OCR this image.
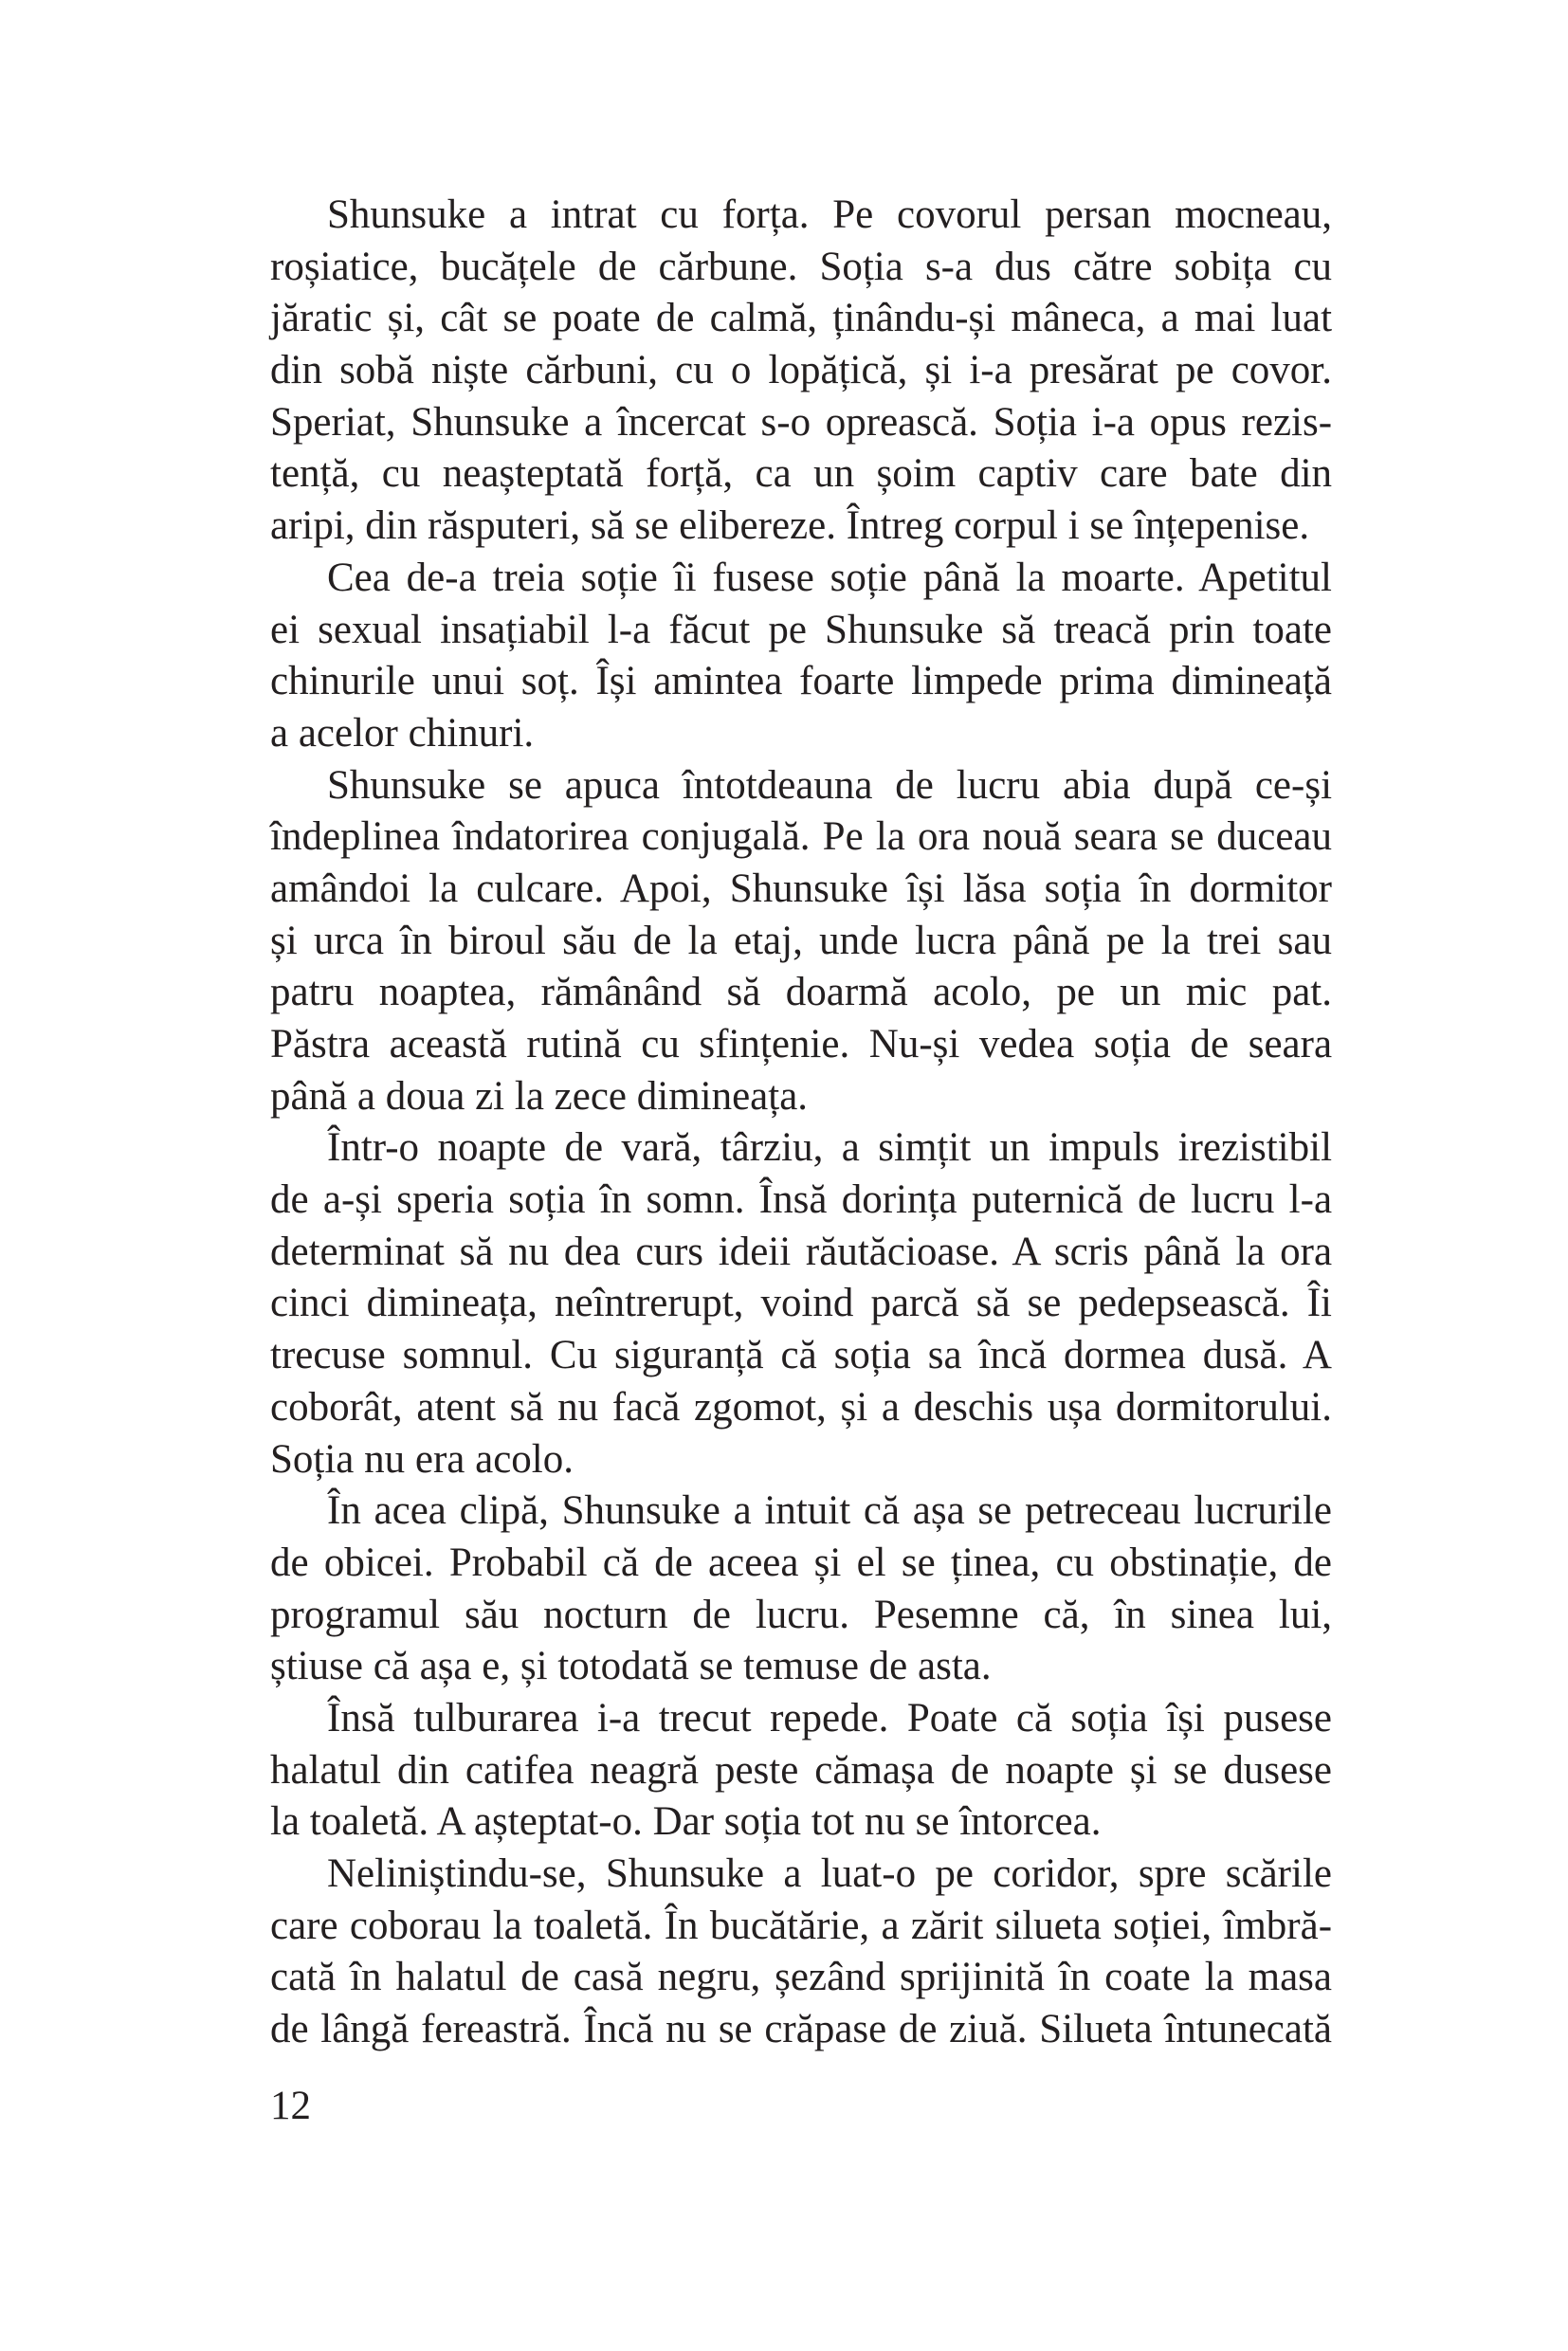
Shunsuke a intrat cu forța. Pe covorul persan mocneau,
roșiatice, bucățele de cărbune. Soția s-a dus către sobița cu
jăratic și, cât se poate de calmă, ținându-și mâneca, a mai luat
din sobă niște cărbuni, cu o lopățică, și i-a presărat pe covor.
Speriat, Shunsuke a încercat s-o oprească. Soția i-a opus rezis-
tență, cu neașteptată forță, ca un șoim captiv care bate din
aripi, din răsputeri, să se elibereze. Întreg corpul i se înțepenise.
Cea de-a treia soție îi fusese soție până la moarte. Apetitul
ei sexual insațiabil l-a făcut pe Shunsuke să treacă prin toate
chinurile unui soț. Își amintea foarte limpede prima dimineață
a acelor chinuri.
Shunsuke se apuca întotdeauna de lucru abia după ce-și
îndeplinea îndatorirea conjugală. Pe la ora nouă seara se duceau
amândoi la culcare. Apoi, Shunsuke își lăsa soția în dormitor
și urca în biroul său de la etaj, unde lucra până pe la trei sau
patru noaptea, rămânând să doarmă acolo, pe un mic pat.
Păstra această rutină cu sfințenie. Nu-și vedea soția de seara
până a doua zi la zece dimineața.
Într-o noapte de vară, târziu, a simțit un impuls irezistibil
de a-și speria soția în somn. Însă dorința puternică de lucru l-a
determinat să nu dea curs ideii răutăcioase. A scris până la ora
cinci dimineața, neîntrerupt, voind parcă să se pedepsească. Îi
trecuse somnul. Cu siguranță că soția sa încă dormea dusă. A
coborât, atent să nu facă zgomot, și a deschis ușa dormitorului.
Soția nu era acolo.
În acea clipă, Shunsuke a intuit că așa se petreceau lucrurile
de obicei. Probabil că de aceea și el se ținea, cu obstinație, de
programul său nocturn de lucru. Pesemne că, în sinea lui,
știuse că așa e, și totodată se temuse de asta.
Însă tulburarea i-a trecut repede. Poate că soția își pusese
halatul din catifea neagră peste cămașa de noapte și se dusese
la toaletă. A așteptat-o. Dar soția tot nu se întorcea.
Neliniștindu-se, Shunsuke a luat-o pe coridor, spre scările
care coborau la toaletă. În bucătărie, a zărit silueta soției, îmbră-
cată în halatul de casă negru, șezând sprijinită în coate la masa
de lângă fereastră. Încă nu se crăpase de ziuă. Silueta întunecată
12
